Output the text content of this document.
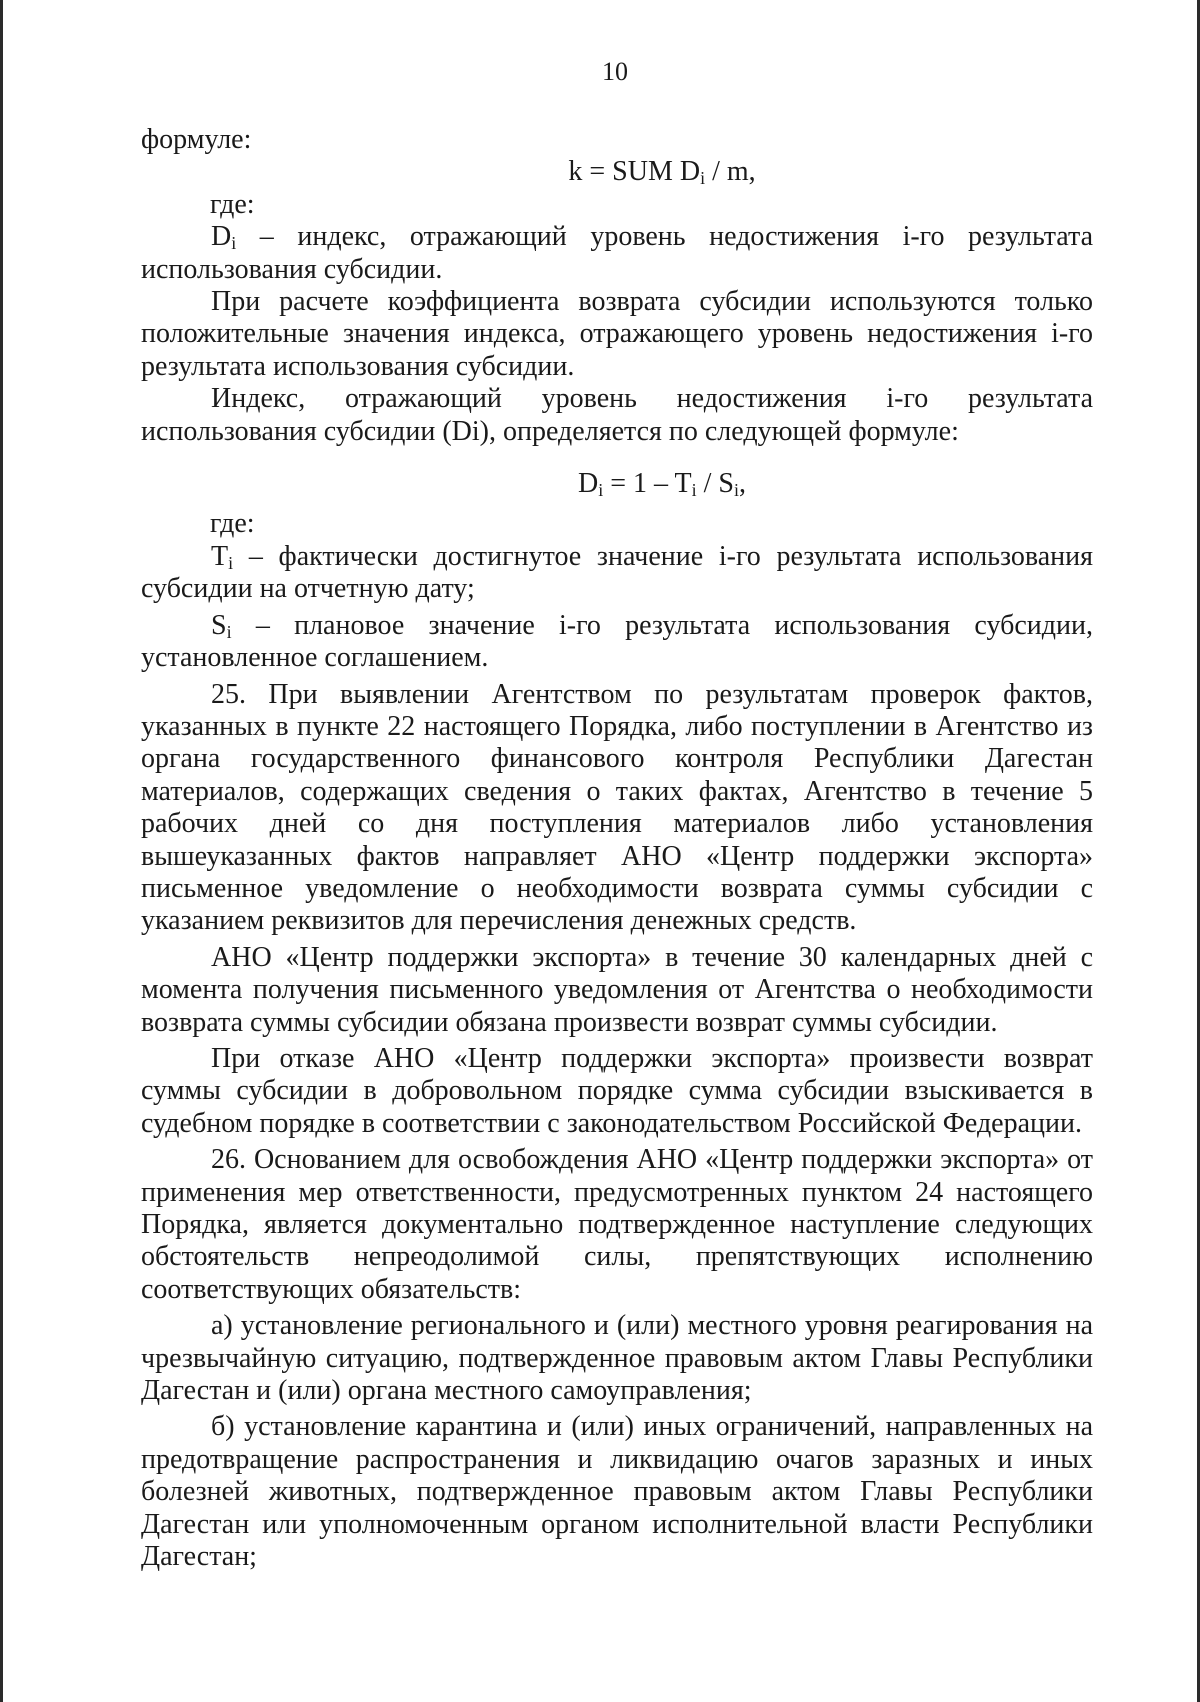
10

формуле:

k = SUM $D_i$ / m,

где:

$D_i$ – индекс, отражающий уровень недостижения i-го результата использования субсидии.

При расчете коэффициента возврата субсидии используются только положительные значения индекса, отражающего уровень недостижения i-го результата использования субсидии.

Индекс, отражающий уровень недостижения i-го результата использования субсидии (Di), определяется по следующей формуле:

$D_i = 1 - T_i / S_i$,

где:

$T_i$ – фактически достигнутое значение i-го результата использования субсидии на отчетную дату;

$S_i$ – плановое значение i-го результата использования субсидии, установленное соглашением.

25. При выявлении Агентством по результатам проверок фактов, указанных в пункте 22 настоящего Порядка, либо поступлении в Агентство из органа государственного финансового контроля Республики Дагестан материалов, содержащих сведения о таких фактах, Агентство в течение 5 рабочих дней со дня поступления материалов либо установления вышеуказанных фактов направляет АНО «Центр поддержки экспорта» письменное уведомление о необходимости возврата суммы субсидии с указанием реквизитов для перечисления денежных средств.

АНО «Центр поддержки экспорта» в течение 30 календарных дней с момента получения письменного уведомления от Агентства о необходимости возврата суммы субсидии обязана произвести возврат суммы субсидии.

При отказе АНО «Центр поддержки экспорта» произвести возврат суммы субсидии в добровольном порядке сумма субсидии взыскивается в судебном порядке в соответствии с законодательством Российской Федерации.

26. Основанием для освобождения АНО «Центр поддержки экспорта» от применения мер ответственности, предусмотренных пунктом 24 настоящего Порядка, является документально подтвержденное наступление следующих обстоятельств непреодолимой силы, препятствующих исполнению соответствующих обязательств:

а) установление регионального и (или) местного уровня реагирования на чрезвычайную ситуацию, подтвержденное правовым актом Главы Республики Дагестан и (или) органа местного самоуправления;

б) установление карантина и (или) иных ограничений, направленных на предотвращение распространения и ликвидацию очагов заразных и иных болезней животных, подтвержденное правовым актом Главы Республики Дагестан или уполномоченным органом исполнительной власти Республики Дагестан;
